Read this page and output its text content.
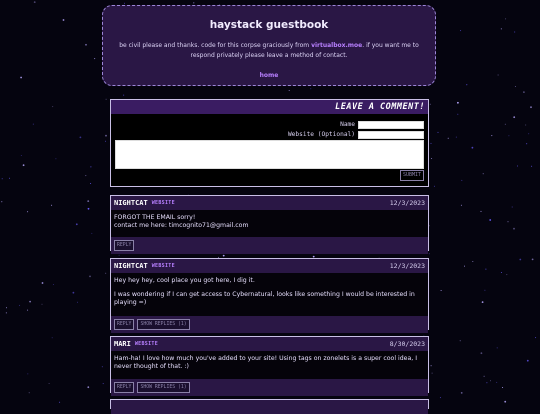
haystack guestbook
be civil please and thanks. code for this corpse graciously from virtualbox.moe. if you want me to respond privately please leave a method of contact.
home
LEAVE A COMMENT!
Name
Website (Optional)
SUBMIT
NIGHTCAT WEBSITE	12/3/2023
FORGOT THE EMAIL sorry!
contact me here: timcognito71@gmail.com
REPLY
NIGHTCAT WEBSITE	12/3/2023

Hey hey hey, cool place you got here, I dig it.

I was wondering if I can get access to Cybernatural, looks like something I would be interested in playing =)

REPLY	SHOW REPLIES (1)
MARI WEBSITE	8/30/2023
Ham-ha! I love how much you've added to your site! Using tags on zonelets is a super cool idea, I never thought of that. :)
REPLY	SHOW REPLIES (1)
